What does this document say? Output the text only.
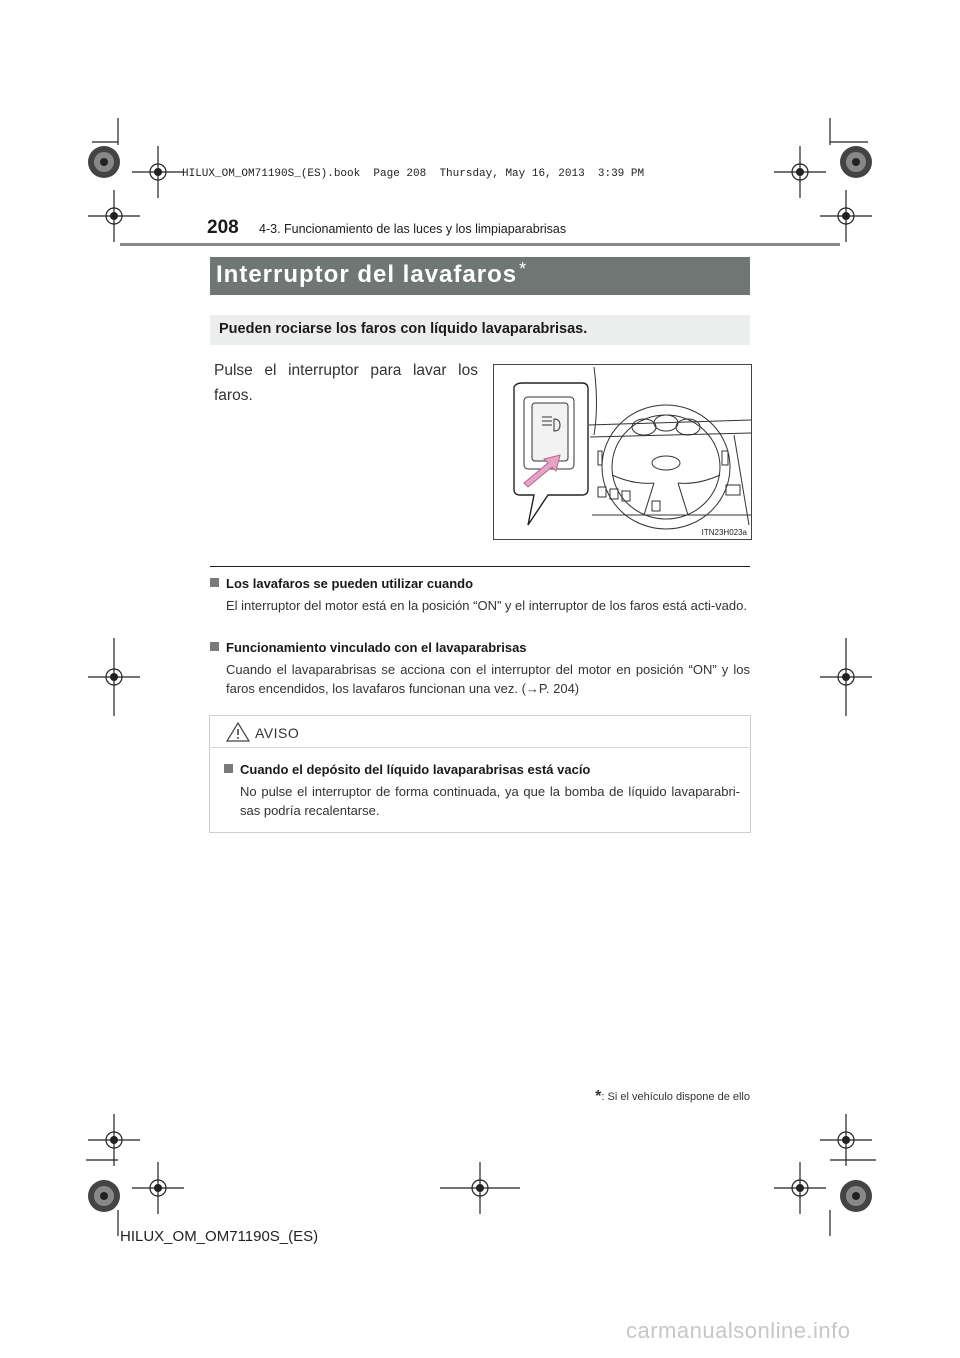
HILUX_OM_OM71190S_(ES).book  Page 208  Thursday, May 16, 2013  3:39 PM
208 4-3. Funcionamiento de las luces y los limpiaparabrisas
Interruptor del lavafaros *
Pueden rociarse los faros con líquido lavaparabrisas.
Pulse el interruptor para lavar los faros.
ITN23H023a
Los lavafaros se pueden utilizar cuando
El interruptor del motor está en la posición “ON” y el interruptor de los faros está acti-vado.
Funcionamiento vinculado con el lavaparabrisas
Cuando el lavaparabrisas se acciona con el interruptor del motor en posición “ON” y los faros encendidos, los lavafaros funcionan una vez. (→P. 204)
AVISO
Cuando el depósito del líquido lavaparabrisas está vacío
No pulse el interruptor de forma continuada, ya que la bomba de líquido lavaparabri-sas podría recalentarse.
*: Si el vehículo dispone de ello
HILUX_OM_OM71190S_(ES)
carmanualsonline.info
